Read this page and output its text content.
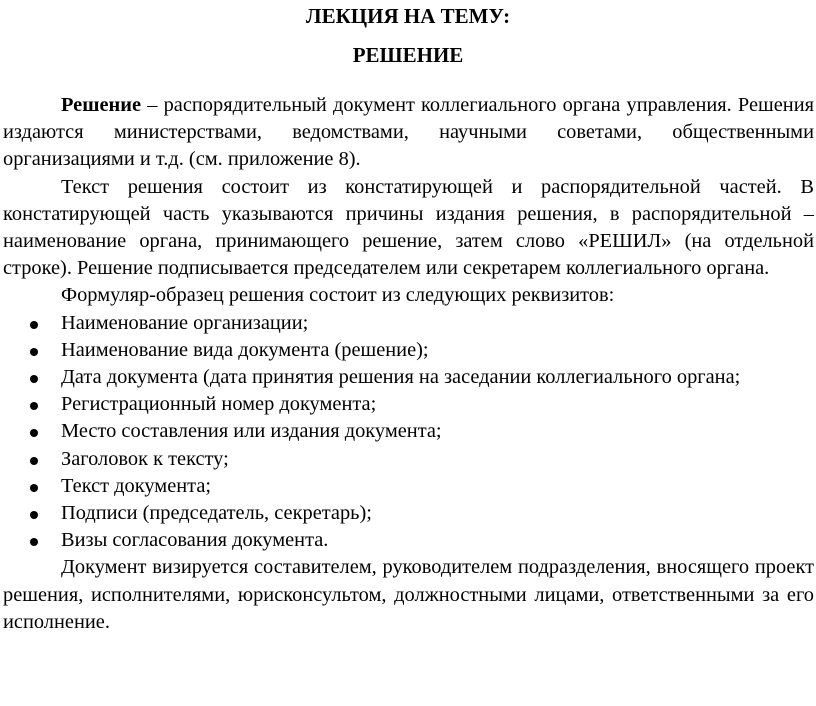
ЛЕКЦИЯ НА ТЕМУ:
РЕШЕНИЕ

Решение – распорядительный документ коллегиального органа управления. Решения издаются министерствами, ведомствами, научными советами, общественными организациями и т.д. (см. приложение 8).

Текст решения состоит из констатирующей и распорядительной частей. В констатирующей часть указываются причины издания решения, в распорядительной – наименование органа, принимающего решение, затем слово «РЕШИЛ» (на отдельной строке). Решение подписывается председателем или секретарем коллегиального органа.

Формуляр-образец решения состоит из следующих реквизитов:

Наименование организации;
Наименование вида документа (решение);
Дата документа (дата принятия решения на заседании коллегиального органа;
Регистрационный номер документа;
Место составления или издания документа;
Заголовок к тексту;
Текст документа;
Подписи (председатель, секретарь);
Визы согласования документа.

Документ визируется составителем, руководителем подразделения, вносящего проект решения, исполнителями, юрисконсультом, должностными лицами, ответственными за его исполнение.
